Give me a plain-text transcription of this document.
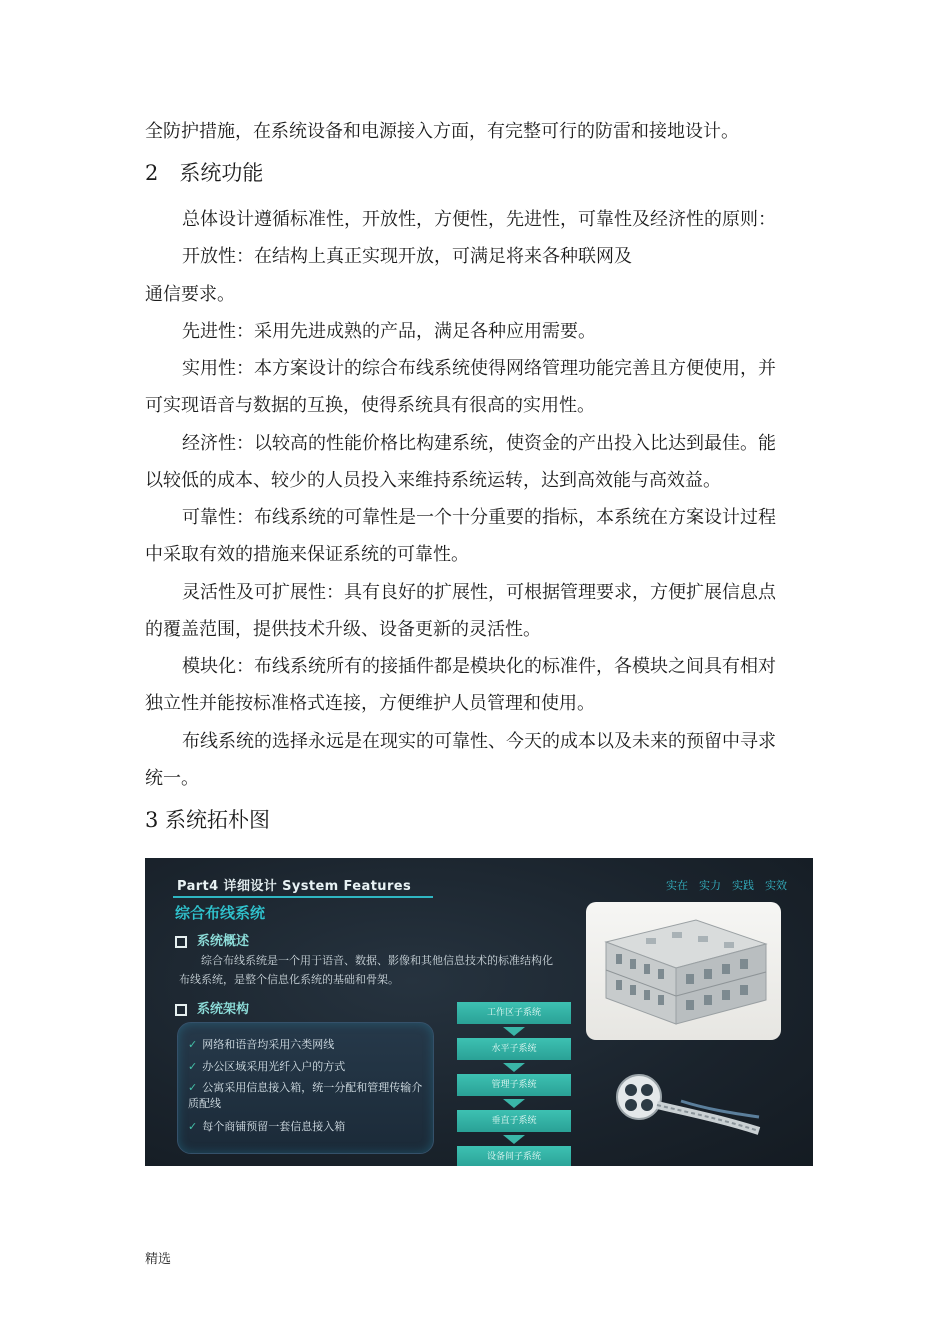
全防护措施，在系统设备和电源接入方面，有完整可行的防雷和接地设计。
2　系统功能
总体设计遵循标准性，开放性，方便性，先进性，可靠性及经济性的原则：
开放性：在结构上真正实现开放，可满足将来各种联网及
通信要求。
先进性：采用先进成熟的产品，满足各种应用需要。
实用性：本方案设计的综合布线系统使得网络管理功能完善且方便使用，并
可实现语音与数据的互换，使得系统具有很高的实用性。
经济性：以较高的性能价格比构建系统，使资金的产出投入比达到最佳。能
以较低的成本、较少的人员投入来维持系统运转，达到高效能与高效益。
可靠性：布线系统的可靠性是一个十分重要的指标，本系统在方案设计过程
中采取有效的措施来保证系统的可靠性。
灵活性及可扩展性：具有良好的扩展性，可根据管理要求，方便扩展信息点
的覆盖范围，提供技术升级、设备更新的灵活性。
模块化：布线系统所有的接插件都是模块化的标准件，各模块之间具有相对
独立性并能按标准格式连接，方便维护人员管理和使用。
布线系统的选择永远是在现实的可靠性、今天的成本以及未来的预留中寻求
统一。
3 系统拓朴图
Part4 详细设计 System Features	实在　实力　实践　实效
综合布线系统
系统概述
综合布线系统是一个用于语音、数据、影像和其他信息技术的标准结构化布线系统，是整个信息化系统的基础和骨架。
系统架构
✓ 网络和语音均采用六类网线
✓ 办公区域采用光纤入户的方式
✓ 公寓采用信息接入箱，统一分配和管理传输介质配线
✓ 每个商铺预留一套信息接入箱
工作区子系统
水平子系统
管理子系统
垂直子系统
设备间子系统
精选
